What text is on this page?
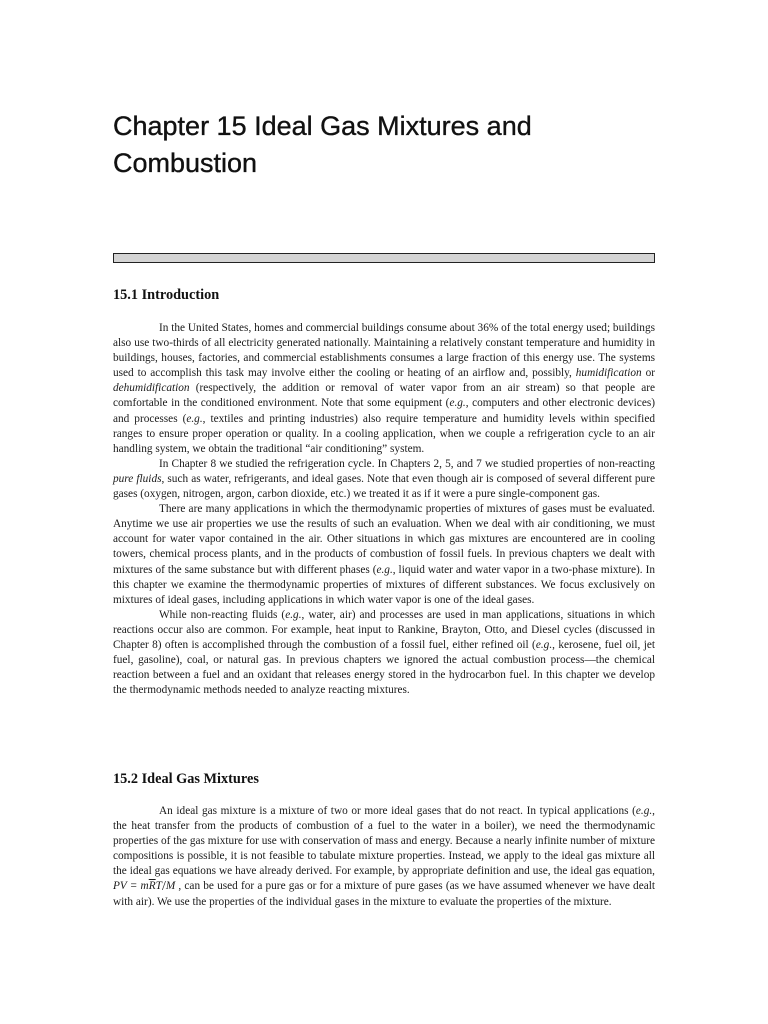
Chapter 15 Ideal Gas Mixtures and Combustion
15.1 Introduction

In the United States, homes and commercial buildings consume about 36% of the total energy used; buildings also use two-thirds of all electricity generated nationally. Maintaining a relatively constant temperature and humidity in buildings, houses, factories, and commercial establishments consumes a large fraction of this energy use. The systems used to accomplish this task may involve either the cooling or heating of an airflow and, possibly, humidification or dehumidification (respectively, the addition or removal of water vapor from an air stream) so that people are comfortable in the conditioned environment. Note that some equipment (e.g., computers and other electronic devices) and processes (e.g., textiles and printing industries) also require temperature and humidity levels within specified ranges to ensure proper operation or quality. In a cooling application, when we couple a refrigeration cycle to an air handling system, we obtain the traditional “air conditioning” system.

In Chapter 8 we studied the refrigeration cycle. In Chapters 2, 5, and 7 we studied properties of non-reacting pure fluids, such as water, refrigerants, and ideal gases. Note that even though air is composed of several different pure gases (oxygen, nitrogen, argon, carbon dioxide, etc.) we treated it as if it were a pure single-component gas.

There are many applications in which the thermodynamic properties of mixtures of gases must be evaluated. Anytime we use air properties we use the results of such an evaluation. When we deal with air conditioning, we must account for water vapor contained in the air. Other situations in which gas mixtures are encountered are in cooling towers, chemical process plants, and in the products of combustion of fossil fuels. In previous chapters we dealt with mixtures of the same substance but with different phases (e.g., liquid water and water vapor in a two-phase mixture). In this chapter we examine the thermodynamic properties of mixtures of different substances. We focus exclusively on mixtures of ideal gases, including applications in which water vapor is one of the ideal gases.

While non-reacting fluids (e.g., water, air) and processes are used in man applications, situations in which reactions occur also are common. For example, heat input to Rankine, Brayton, Otto, and Diesel cycles (discussed in Chapter 8) often is accomplished through the combustion of a fossil fuel, either refined oil (e.g., kerosene, fuel oil, jet fuel, gasoline), coal, or natural gas. In previous chapters we ignored the actual combustion process—the chemical reaction between a fuel and an oxidant that releases energy stored in the hydrocarbon fuel. In this chapter we develop the thermodynamic methods needed to analyze reacting mixtures.

15.2 Ideal Gas Mixtures

An ideal gas mixture is a mixture of two or more ideal gases that do not react. In typical applications (e.g., the heat transfer from the products of combustion of a fuel to the water in a boiler), we need the thermodynamic properties of the gas mixture for use with conservation of mass and energy. Because a nearly infinite number of mixture compositions is possible, it is not feasible to tabulate mixture properties. Instead, we apply to the ideal gas mixture all the ideal gas equations we have already derived. For example, by appropriate definition and use, the ideal gas equation, PV = $m\overline{R}T/M$ , can be used for a pure gas or for a mixture of pure gases (as we have assumed whenever we have dealt with air). We use the properties of the individual gases in the mixture to evaluate the properties of the mixture.
